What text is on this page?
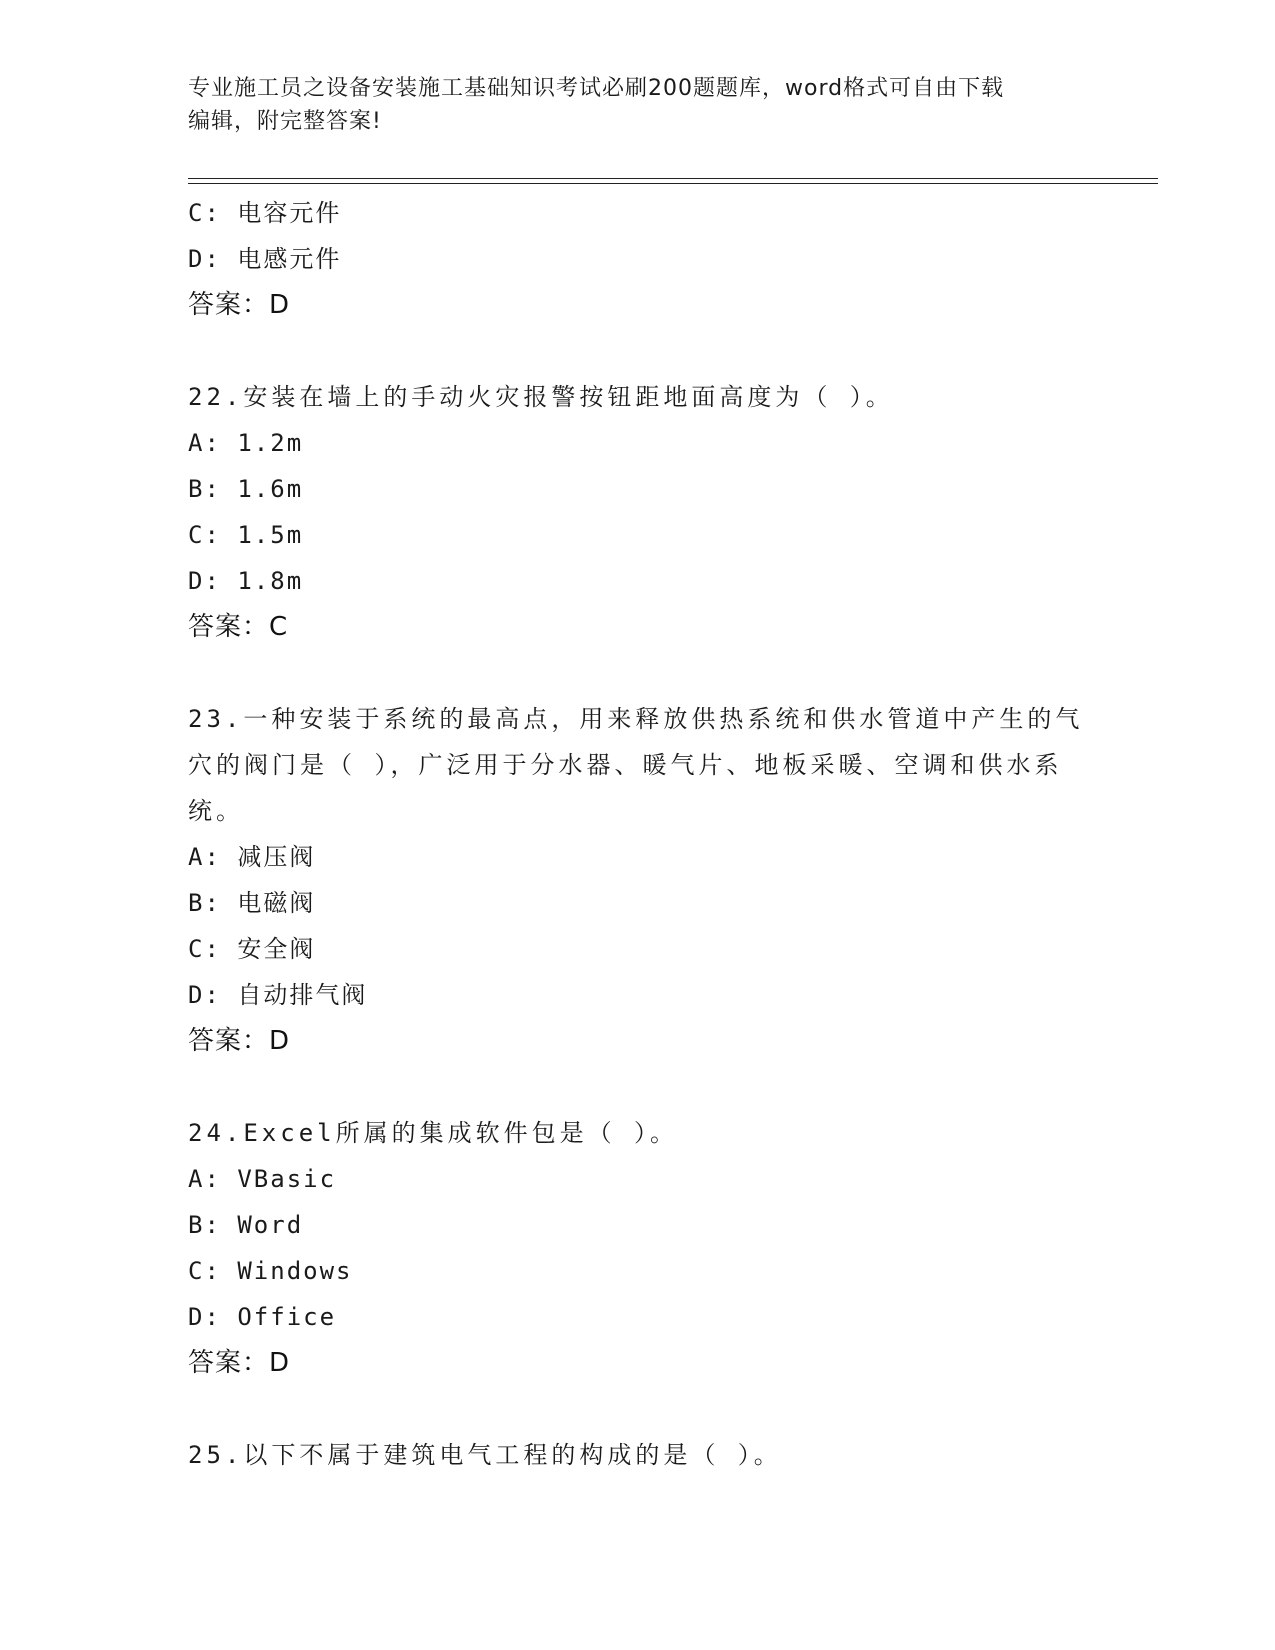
专业施工员之设备安装施工基础知识考试必刷200题题库，word格式可自由下载
编辑，附完整答案!
C: 电容元件
D: 电感元件
答案：D
22.安装在墙上的手动火灾报警按钮距地面高度为（ ）。
A: 1.2m
B: 1.6m
C: 1.5m
D: 1.8m
答案：C
23.一种安装于系统的最高点，用来释放供热系统和供水管道中产生的气穴的阀门是（ ），广泛用于分水器、暖气片、地板采暖、空调和供水系统。
A: 减压阀
B: 电磁阀
C: 安全阀
D: 自动排气阀
答案：D
24.Excel所属的集成软件包是（ ）。
A: VBasic
B: Word
C: Windows
D: Office
答案：D
25.以下不属于建筑电气工程的构成的是（ ）。
